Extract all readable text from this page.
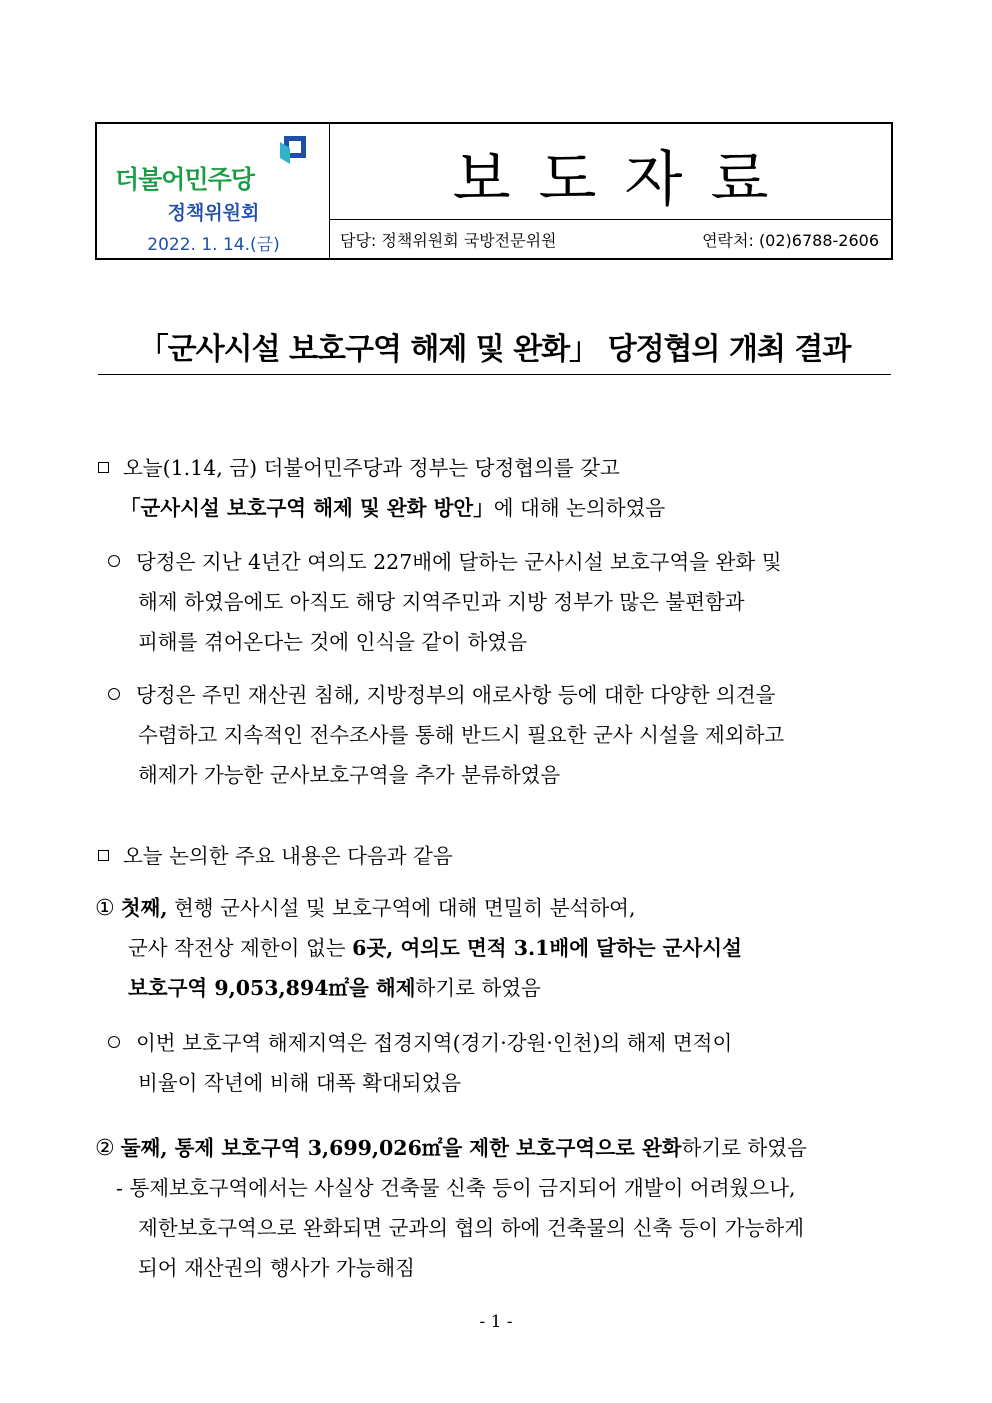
더불어민주당
정책위원회
2022. 1. 14.(금)
보도자료
담당: 정책위원회 국방전문위원	연락처: (02)6788-2606
「군사시설 보호구역 해제 및 완화」 당정협의 개최 결과
오늘(1.14, 금) 더불어민주당과 정부는 당정협의를 갖고
「군사시설 보호구역 해제 및 완화 방안」에 대해 논의하였음
당정은 지난 4년간 여의도 227배에 달하는 군사시설 보호구역을 완화 및
해제 하였음에도 아직도 해당 지역주민과 지방 정부가 많은 불편함과
피해를 겪어온다는 것에 인식을 같이 하였음
당정은 주민 재산권 침해, 지방정부의 애로사항 등에 대한 다양한 의견을
수렴하고 지속적인 전수조사를 통해 반드시 필요한 군사 시설을 제외하고
해제가 가능한 군사보호구역을 추가 분류하였음
오늘 논의한 주요 내용은 다음과 같음
① 첫째, 현행 군사시설 및 보호구역에 대해 면밀히 분석하여,
군사 작전상 제한이 없는 6곳, 여의도 면적 3.1배에 달하는 군사시설
보호구역 9,053,894㎡을 해제하기로 하였음
이번 보호구역 해제지역은 접경지역(경기·강원·인천)의 해제 면적이
비율이 작년에 비해 대폭 확대되었음
② 둘째, 통제 보호구역 3,699,026㎡을 제한 보호구역으로 완화하기로 하였음
- 통제보호구역에서는 사실상 건축물 신축 등이 금지되어 개발이 어려웠으나,
제한보호구역으로 완화되면 군과의 협의 하에 건축물의 신축 등이 가능하게
되어 재산권의 행사가 가능해짐
- 1 -
